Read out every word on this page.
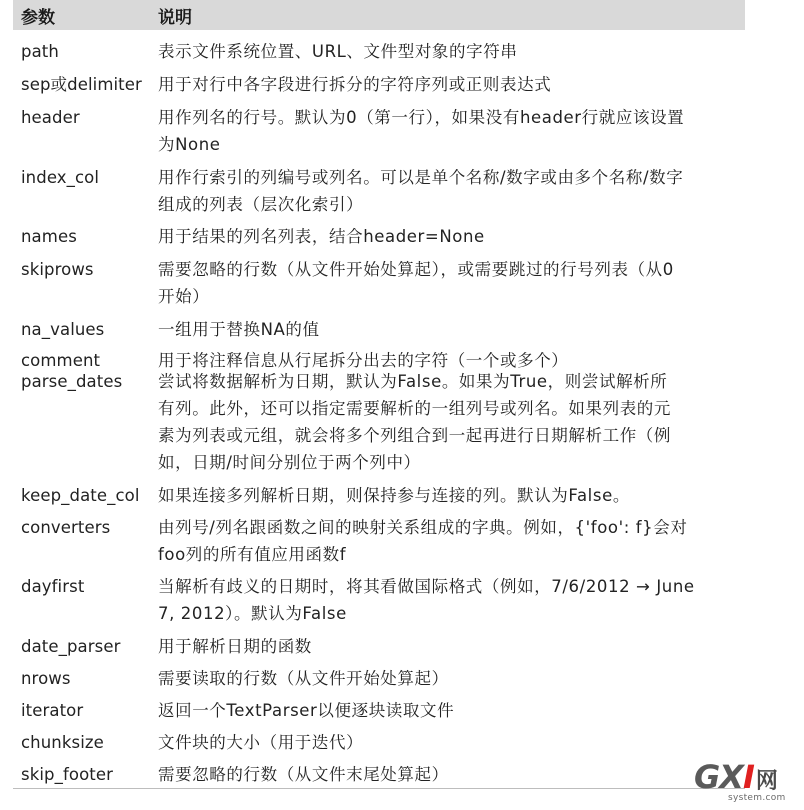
参数	说明
path	表示文件系统位置、URL、文件型对象的字符串
sep或delimiter 用于对行中各字段进行拆分的字符序列或正则表达式
header	用作列名的行号。默认为0（第一行），如果没有header行就应该设置
为None
index_col	用作行索引的列编号或列名。可以是单个名称/数字或由多个名称/数字
组成的列表（层次化索引）
names	用于结果的列名列表，结合header=None
skiprows	需要忽略的行数（从文件开始处算起），或需要跳过的行号列表（从0
开始）
na_values	一组用于替换NA的值
comment	用于将注释信息从行尾拆分出去的字符（一个或多个）
parse_dates	尝试将数据解析为日期，默认为False。如果为True，则尝试解析所
有列。此外，还可以指定需要解析的一组列号或列名。如果列表的元
素为列表或元组，就会将多个列组合到一起再进行日期解析工作（例
如，日期/时间分别位于两个列中）
keep_date_col	如果连接多列解析日期，则保持参与连接的列。默认为False。
converters	由列号/列名跟函数之间的映射关系组成的字典。例如，{'foo': f}会对
foo列的所有值应用函数f
dayfirst	当解析有歧义的日期时，将其看做国际格式（例如，7/6/2012 → June
7, 2012）。默认为False
date_parser	用于解析日期的函数
nrows	需要读取的行数（从文件开始处算起）
iterator	返回一个TextParser以便逐块读取文件
chunksize	文件块的大小（用于迭代）
skip_footer	需要忽略的行数（从文件末尾处算起）	GXI网
system.com
